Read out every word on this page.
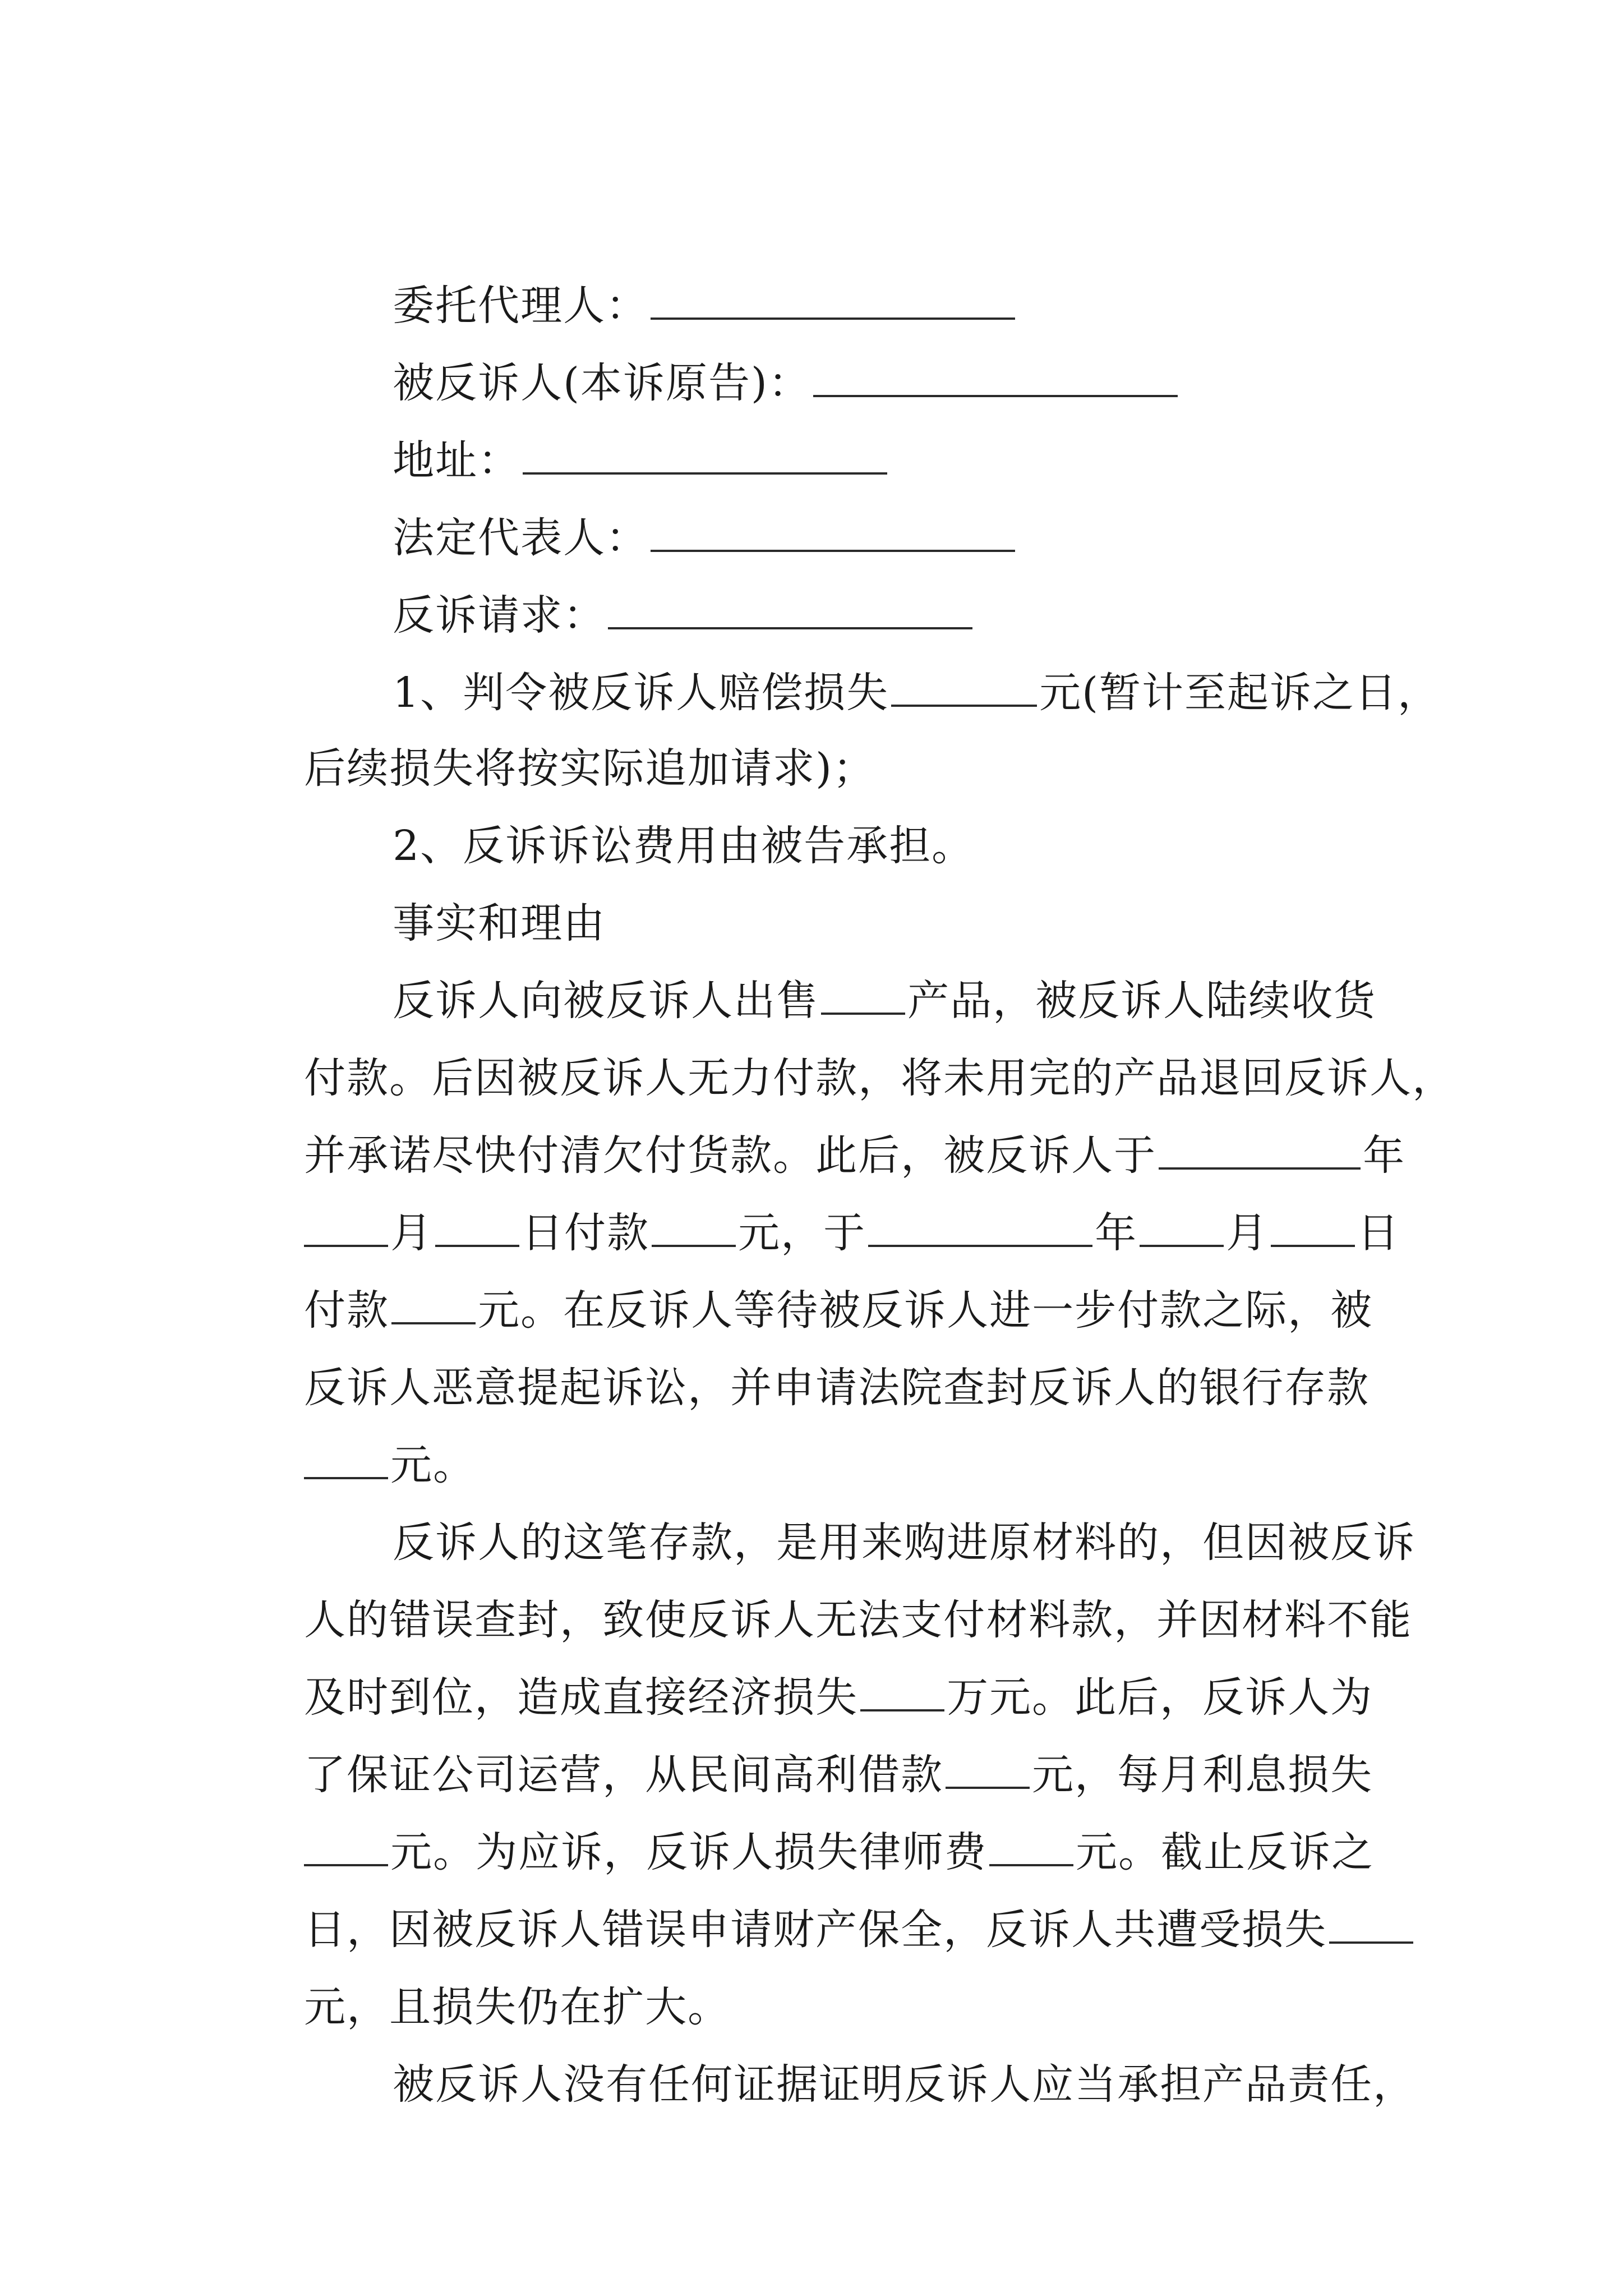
委托代理人：

被反诉人(本诉原告)：

地址：

法定代表人：

反诉请求：

1、判令被反诉人赔偿损失	元(暂计至起诉之日，

后续损失将按实际追加请求)；

2、反诉诉讼费用由被告承担。

事实和理由

反诉人向被反诉人出售 产品，被反诉人陆续收货

付款。后因被反诉人无力付款，将未用完的产品退回反诉人，

并承诺尽快付清欠付货款。此后，被反诉人于	年

月 日付款 元，于	年 月 日

付款 元。在反诉人等待被反诉人进一步付款之际，被

反诉人恶意提起诉讼，并申请法院查封反诉人的银行存款

元。

反诉人的这笔存款，是用来购进原材料的，但因被反诉

人的错误查封，致使反诉人无法支付材料款，并因材料不能

及时到位，造成直接经济损失 万元。此后，反诉人为

了保证公司运营，从民间高利借款 元，每月利息损失

元。为应诉，反诉人损失律师费 元。截止反诉之

日，因被反诉人错误申请财产保全，反诉人共遭受损失

元，且损失仍在扩大。

被反诉人没有任何证据证明反诉人应当承担产品责任，
